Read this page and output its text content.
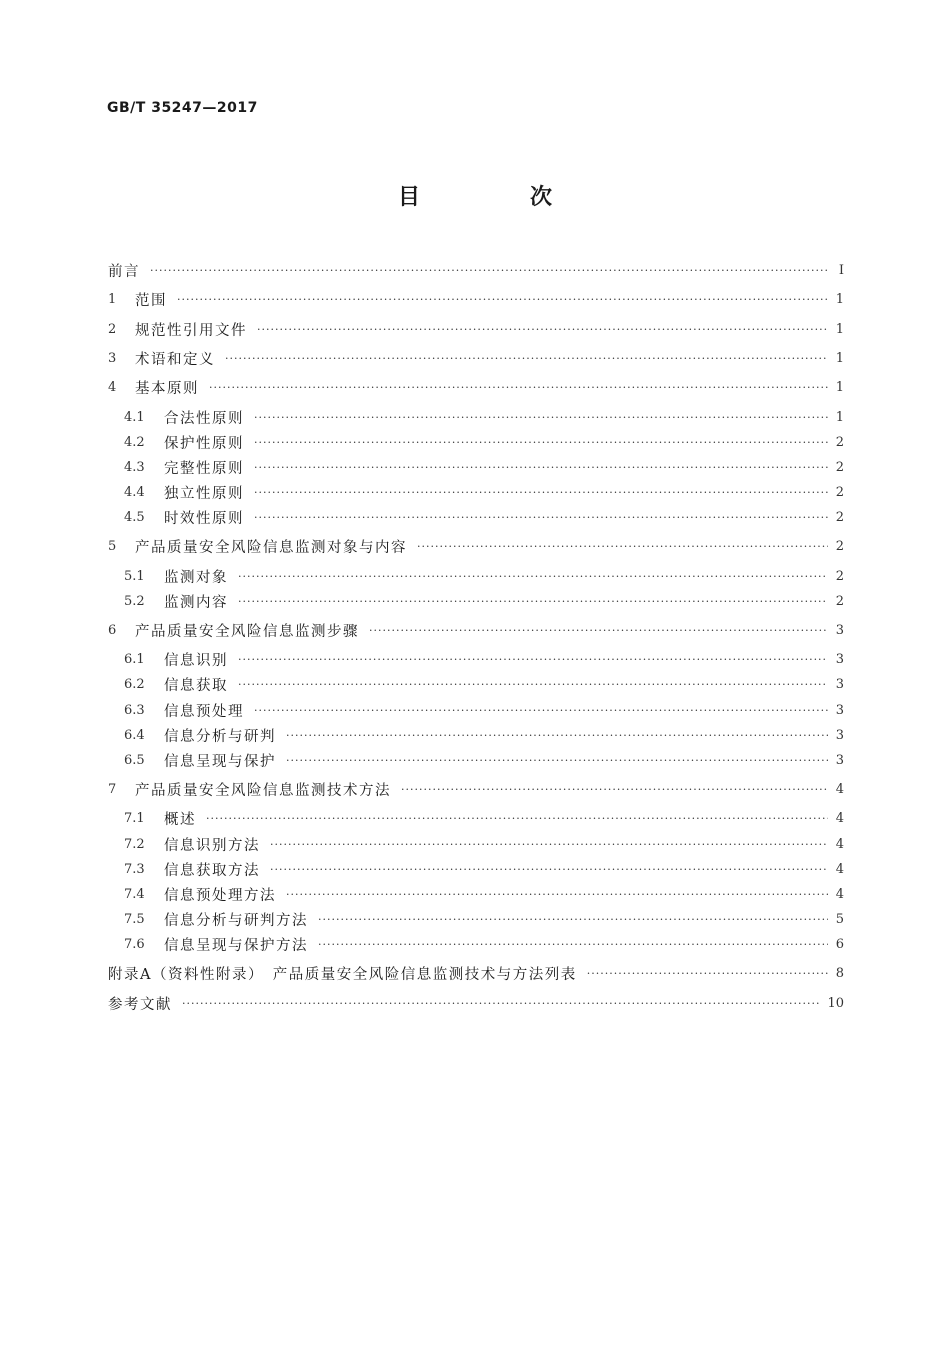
GB/T 35247—2017
目　次
前言 ·····	Ⅰ
1	范围 ·····	1
2	规范性引用文件 ·····	1
3	术语和定义 ·····	1
4	基本原则 ·····	1
4.1	合法性原则 ·····	1
4.2	保护性原则 ·····	2
4.3	完整性原则 ·····	2
4.4	独立性原则 ·····	2
4.5	时效性原则 ·····	2
5	产品质量安全风险信息监测对象与内容 ·····	2
5.1	监测对象 ·····	2
5.2	监测内容 ·····	2
6	产品质量安全风险信息监测步骤 ·····	3
6.1	信息识别 ·····	3
6.2	信息获取 ·····	3
6.3	信息预处理 ·····	3
6.4	信息分析与研判 ·····	3
6.5	信息呈现与保护 ·····	3
7	产品质量安全风险信息监测技术方法 ·····	4
7.1	概述 ·····	4
7.2	信息识别方法 ·····	4
7.3	信息获取方法 ·····	4
7.4	信息预处理方法 ·····	4
7.5	信息分析与研判方法 ·····	5
7.6	信息呈现与保护方法 ·····	6
附录A（资料性附录）　产品质量安全风险信息监测技术与方法列表 ·····	8
参考文献 ·····	10
